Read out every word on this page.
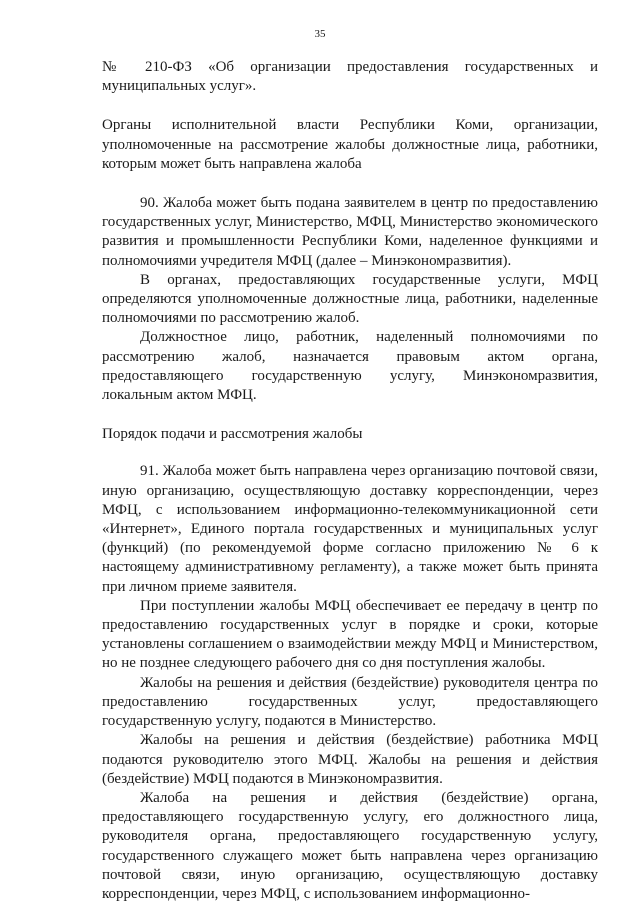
35

№ 210-ФЗ «Об организации предоставления государственных и муниципальных услуг».

Органы исполнительной власти Республики Коми, организации, уполномоченные на рассмотрение жалобы должностные лица, работники, которым может быть направлена жалоба

90. Жалоба может быть подана заявителем в центр по предоставлению государственных услуг, Министерство, МФЦ, Министерство экономического развития и промышленности Республики Коми, наделенное функциями и полномочиями учредителя МФЦ (далее – Минэкономразвития).

В органах, предоставляющих государственные услуги, МФЦ определяются уполномоченные должностные лица, работники, наделенные полномочиями по рассмотрению жалоб.

Должностное лицо, работник, наделенный полномочиями по рассмотрению жалоб, назначается правовым актом органа, предоставляющего государственную услугу, Минэкономразвития, локальным актом МФЦ.

Порядок подачи и рассмотрения жалобы

91. Жалоба может быть направлена через организацию почтовой связи, иную организацию, осуществляющую доставку корреспонденции, через МФЦ, с использованием информационно-телекоммуникационной сети «Интернет», Единого портала государственных и муниципальных услуг (функций) (по рекомендуемой форме согласно приложению № 6 к настоящему административному регламенту), а также может быть принята при личном приеме заявителя.

При поступлении жалобы МФЦ обеспечивает ее передачу в центр по предоставлению государственных услуг в порядке и сроки, которые установлены соглашением о взаимодействии между МФЦ и Министерством, но не позднее следующего рабочего дня со дня поступления жалобы.

Жалобы на решения и действия (бездействие) руководителя центра по предоставлению государственных услуг, предоставляющего государственную услугу, подаются в Министерство.

Жалобы на решения и действия (бездействие) работника МФЦ подаются руководителю этого МФЦ. Жалобы на решения и действия (бездействие) МФЦ подаются в Минэкономразвития.

Жалоба на решения и действия (бездействие) органа, предоставляющего государственную услугу, его должностного лица, руководителя органа, предоставляющего государственную услугу, государственного служащего может быть направлена через организацию почтовой связи, иную организацию, осуществляющую доставку корреспонденции, через МФЦ, с использованием информационно-
